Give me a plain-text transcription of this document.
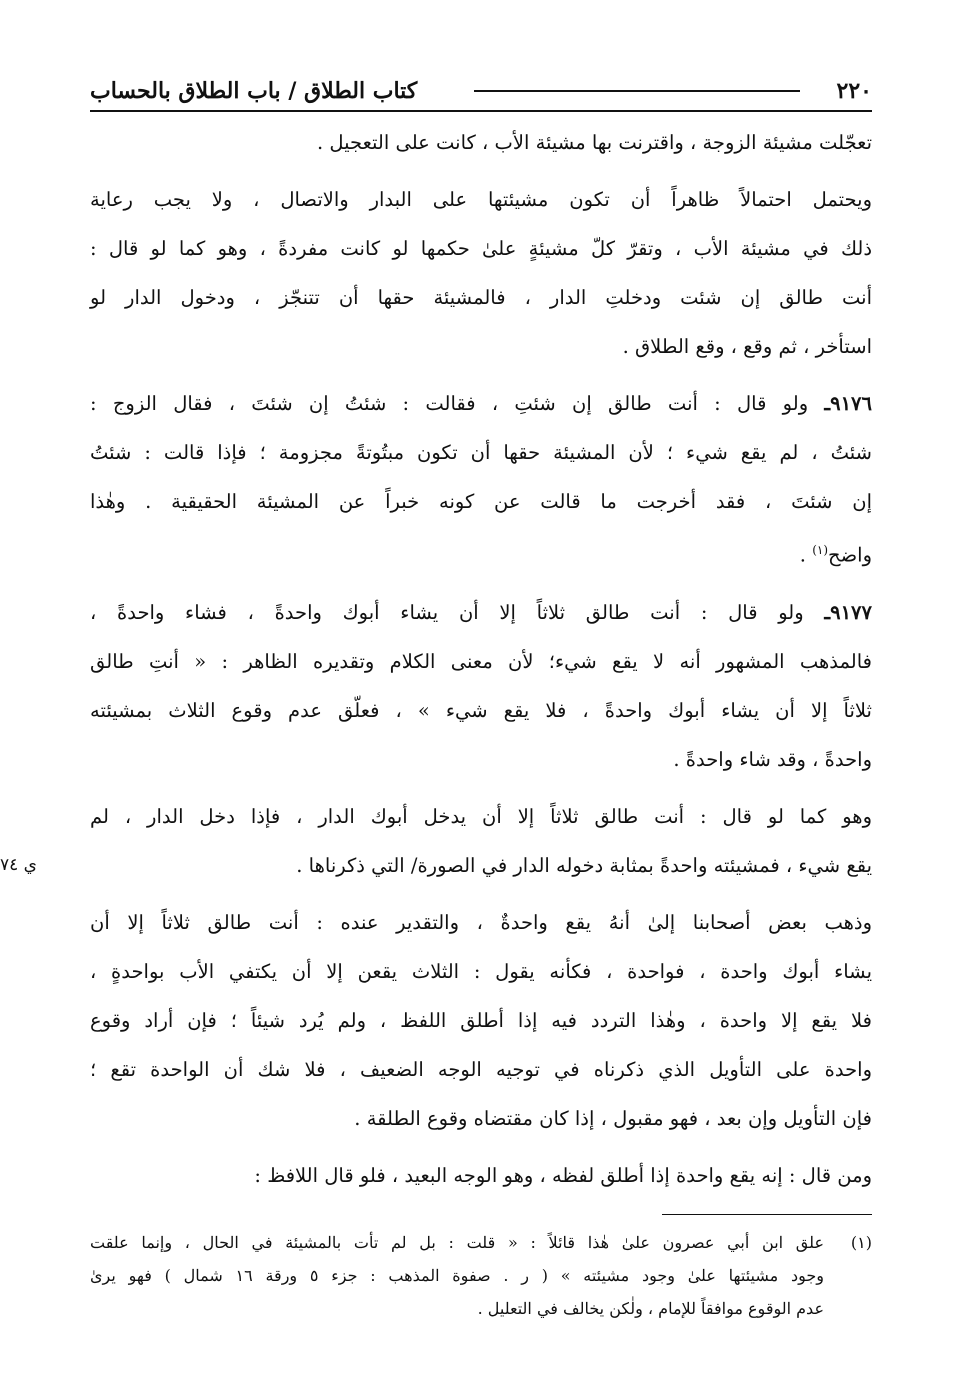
٢٢٠
كتاب الطلاق / باب الطلاق بالحساب

تعجّلت مشيئة الزوجة ، واقترنت بها مشيئة الأب ، كانت على التعجيل .

ويحتمل احتمالاً ظاهراً أن تكون مشيئتها على البدار والاتصال ، ولا يجب رعاية
ذلك في مشيئة الأب ، وتقرّ كلّ مشيئةٍ علىٰ حكمها لو كانت مفردةً ، وهو كما لو قال :
أنت طالق إن شئت ودخلتِ الدار ، فالمشيئة حقها أن تتنجّز ، ودخول الدار لو
استأخر ، ثم وقع ، وقع الطلاق .

٩١٧٦ـ ولو قال : أنت طالق إن شئتِ ، فقالت : شئتُ إن شئتَ ، فقال الزوج :
شئتُ ، لم يقع شيء ؛ لأن المشيئة حقها أن تكون مبتُوتةً مجزومة ؛ فإذا قالت : شئتُ
إن شئتَ ، فقد أخرجت ما قالت عن كونه خبراً عن المشيئة الحقيقية . وهٰذا
واضح$^{(١)}$ .

٩١٧٧ـ ولو قال : أنت طالق ثلاثاً إلا أن يشاء أبوك واحدةً ، فشاء واحدةً ،
فالمذهب المشهور أنه لا يقع شيء؛ لأن معنى الكلام وتقديره الظاهر : « أنتِ طالق
ثلاثاً إلا أن يشاء أبوك واحدةً ، فلا يقع شيء » ، فعلّق عدم وقوع الثلاث بمشيئته
واحدةً ، وقد شاء واحدةً .

وهو كما لو قال : أنت طالق ثلاثاً إلا أن يدخل أبوك الدار ، فإذا دخل الدار ، لم
يقع شيء ، فمشيئته واحدةً بمثابة دخوله الدار في الصورة/ التي ذكرناها .
ي ٧٤

وذهب بعض أصحابنا إلىٰ أنهُ يقع واحدةٌ ، والتقدير عنده : أنت طالق ثلاثاً إلا أن
يشاء أبوك واحدة ، فواحدة ، فكأنه يقول : الثلاث يقعن إلا أن يكتفي الأب بواحدةٍ ،
فلا يقع إلا واحدة ، وهٰذا التردد فيه إذا أطلق اللفظ ، ولم يُرد شيئاً ؛ فإن أراد وقوع
واحدة على التأويل الذي ذكرناه في توجيه الوجه الضعيف ، فلا شك أن الواحدة تقع ؛
فإن التأويل وإن بعد ، فهو مقبول ، إذا كان مقتضاه وقوع الطلقة .

ومن قال : إنه يقع واحدة إذا أطلق لفظه ، وهو الوجه البعيد ، فلو قال اللافظ :

(١)
علق ابن أبي عصرون علىٰ هٰذا قائلاً : « قلت : بل لم تأت بالمشيئة في الحال ، وإنما علقت
وجود مشيئتها علىٰ وجود مشيئته » ( ر . صفوة المذهب : جزء ٥ ورقة ١٦ شمال ) فهو يرىٰ
عدم الوقوع موافقاً للإمام ، ولٰكن يخالف في التعليل .
